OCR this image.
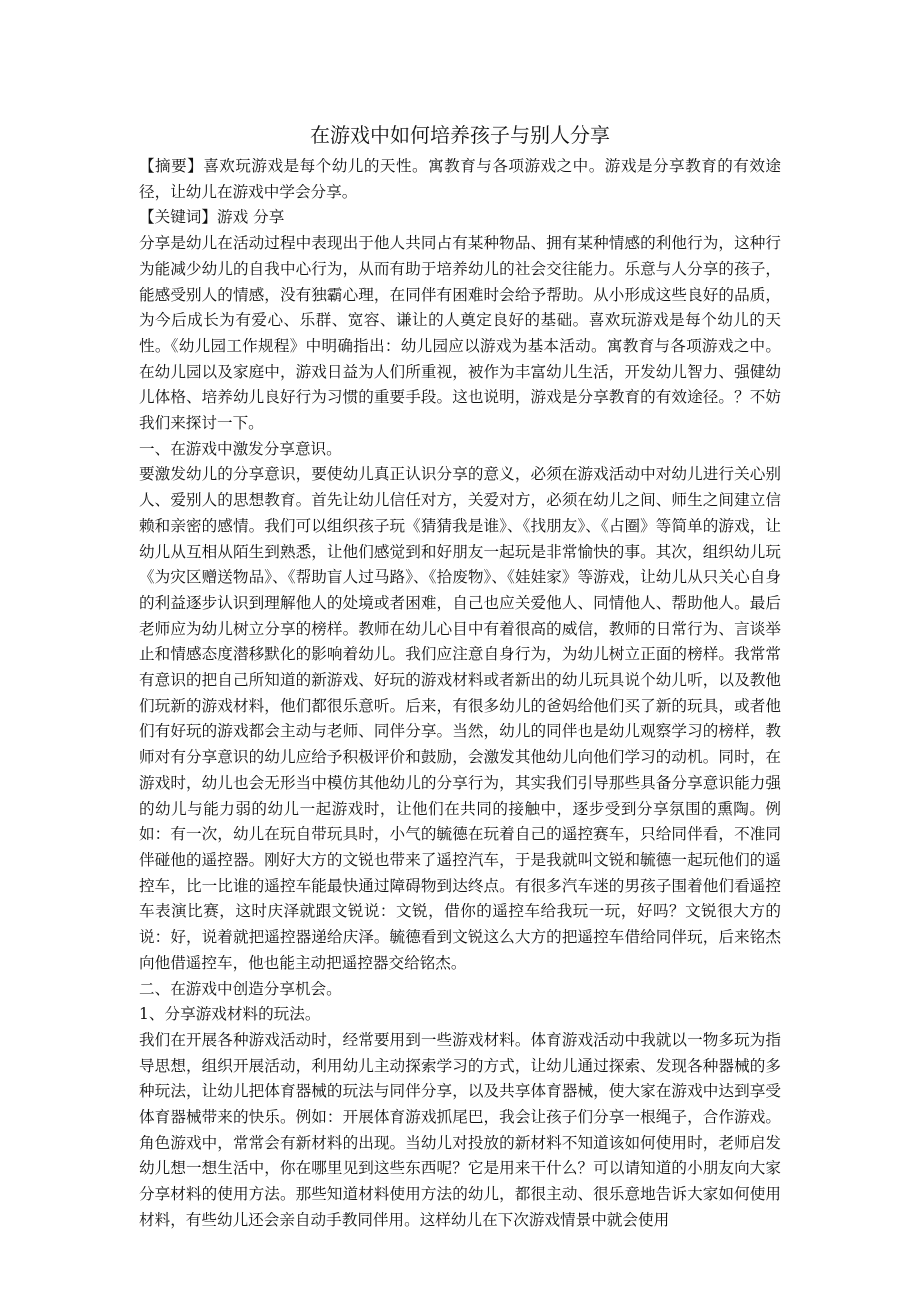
在游戏中如何培养孩子与别人分享

【摘要】喜欢玩游戏是每个幼儿的天性。寓教育与各项游戏之中。游戏是分享教育的有效途径，让幼儿在游戏中学会分享。

【关键词】游戏 分享

分享是幼儿在活动过程中表现出于他人共同占有某种物品、拥有某种情感的利他行为，这种行为能减少幼儿的自我中心行为，从而有助于培养幼儿的社会交往能力。乐意与人分享的孩子，能感受别人的情感，没有独霸心理，在同伴有困难时会给予帮助。从小形成这些良好的品质，为今后成长为有爱心、乐群、宽容、谦让的人奠定良好的基础。喜欢玩游戏是每个幼儿的天性。《幼儿园工作规程》中明确指出：幼儿园应以游戏为基本活动。寓教育与各项游戏之中。在幼儿园以及家庭中，游戏日益为人们所重视，被作为丰富幼儿生活，开发幼儿智力、强健幼儿体格、培养幼儿良好行为习惯的重要手段。这也说明，游戏是分享教育的有效途径。？不妨我们来探讨一下。

一、在游戏中激发分享意识。

要激发幼儿的分享意识，要使幼儿真正认识分享的意义，必须在游戏活动中对幼儿进行关心别人、爱别人的思想教育。首先让幼儿信任对方，关爱对方，必须在幼儿之间、师生之间建立信赖和亲密的感情。我们可以组织孩子玩《猜猜我是谁》、《找朋友》、《占圈》等简单的游戏，让幼儿从互相从陌生到熟悉，让他们感觉到和好朋友一起玩是非常愉快的事。其次，组织幼儿玩《为灾区赠送物品》、《帮助盲人过马路》、《拾废物》、《娃娃家》等游戏，让幼儿从只关心自身的利益逐步认识到理解他人的处境或者困难，自己也应关爱他人、同情他人、帮助他人。最后老师应为幼儿树立分享的榜样。教师在幼儿心目中有着很高的威信，教师的日常行为、言谈举止和情感态度潜移默化的影响着幼儿。我们应注意自身行为，为幼儿树立正面的榜样。我常常有意识的把自己所知道的新游戏、好玩的游戏材料或者新出的幼儿玩具说个幼儿听，以及教他们玩新的游戏材料，他们都很乐意听。后来，有很多幼儿的爸妈给他们买了新的玩具，或者他们有好玩的游戏都会主动与老师、同伴分享。当然，幼儿的同伴也是幼儿观察学习的榜样，教师对有分享意识的幼儿应给予积极评价和鼓励，会激发其他幼儿向他们学习的动机。同时，在游戏时，幼儿也会无形当中模仿其他幼儿的分享行为，其实我们引导那些具备分享意识能力强的幼儿与能力弱的幼儿一起游戏时，让他们在共同的接触中，逐步受到分享氛围的熏陶。例如：有一次，幼儿在玩自带玩具时，小气的毓德在玩着自己的遥控赛车，只给同伴看，不准同伴碰他的遥控器。刚好大方的文锐也带来了遥控汽车，于是我就叫文锐和毓德一起玩他们的遥控车，比一比谁的遥控车能最快通过障碍物到达终点。有很多汽车迷的男孩子围着他们看遥控车表演比赛，这时庆泽就跟文锐说：文锐，借你的遥控车给我玩一玩，好吗？文锐很大方的说：好，说着就把遥控器递给庆泽。毓德看到文锐这么大方的把遥控车借给同伴玩，后来铭杰向他借遥控车，他也能主动把遥控器交给铭杰。

二、在游戏中创造分享机会。

1、分享游戏材料的玩法。

我们在开展各种游戏活动时，经常要用到一些游戏材料。体育游戏活动中我就以一物多玩为指导思想，组织开展活动，利用幼儿主动探索学习的方式，让幼儿通过探索、发现各种器械的多种玩法，让幼儿把体育器械的玩法与同伴分享，以及共享体育器械，使大家在游戏中达到享受体育器械带来的快乐。例如：开展体育游戏抓尾巴，我会让孩子们分享一根绳子，合作游戏。角色游戏中，常常会有新材料的出现。当幼儿对投放的新材料不知道该如何使用时，老师启发幼儿想一想生活中，你在哪里见到这些东西呢？它是用来干什么？可以请知道的小朋友向大家分享材料的使用方法。那些知道材料使用方法的幼儿，都很主动、很乐意地告诉大家如何使用材料，有些幼儿还会亲自动手教同伴用。这样幼儿在下次游戏情景中就会使用
